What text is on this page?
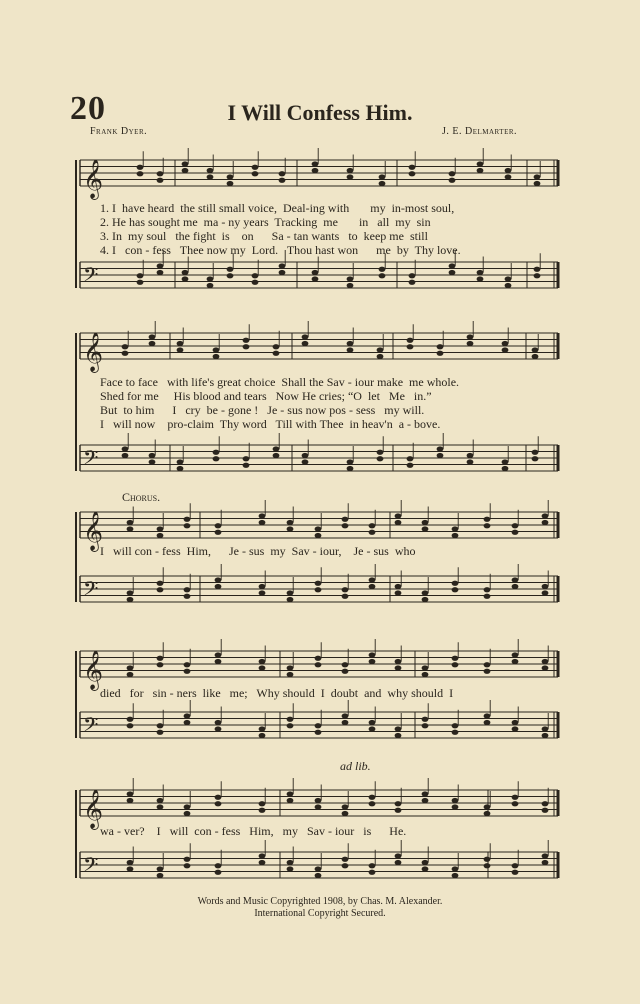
20	I Will Confess Him.
Frank Dyer.	J. E. Delmarter.
𝄞
𝄢
𝄞
𝄢
𝄞
𝄢
𝄞
𝄢
𝄞
𝄢
1. I  have heard  the still small voice,  Deal-ing with       my  in-most soul,
2. He has sought me  ma - ny years  Tracking  me       in   all  my  sin
3. In  my soul   the fight  is    on      Sa - tan wants   to  keep me  still
4. I   con - fess   Thee now my  Lord.   Thou hast won      me  by  Thy love.
Face to face   with life's great choice  Shall the Sav - iour make  me whole.
Shed for me     His blood and tears   Now He cries; “O  let   Me   in.”
But  to him      I   cry  be - gone !   Je - sus now pos - sess   my will.
I   will now    pro-claim  Thy word   Till with Thee  in heav'n  a - bove.
Chorus.
I   will con - fess  Him,      Je - sus  my  Sav - iour,    Je - sus  who
died   for   sin - ners  like   me;   Why should  I  doubt  and  why should  I
ad lib.
wa - ver?    I   will  con - fess   Him,   my   Sav - iour   is      He.
Words and Music Copyrighted 1908, by Chas. M. Alexander.
International Copyright Secured.
